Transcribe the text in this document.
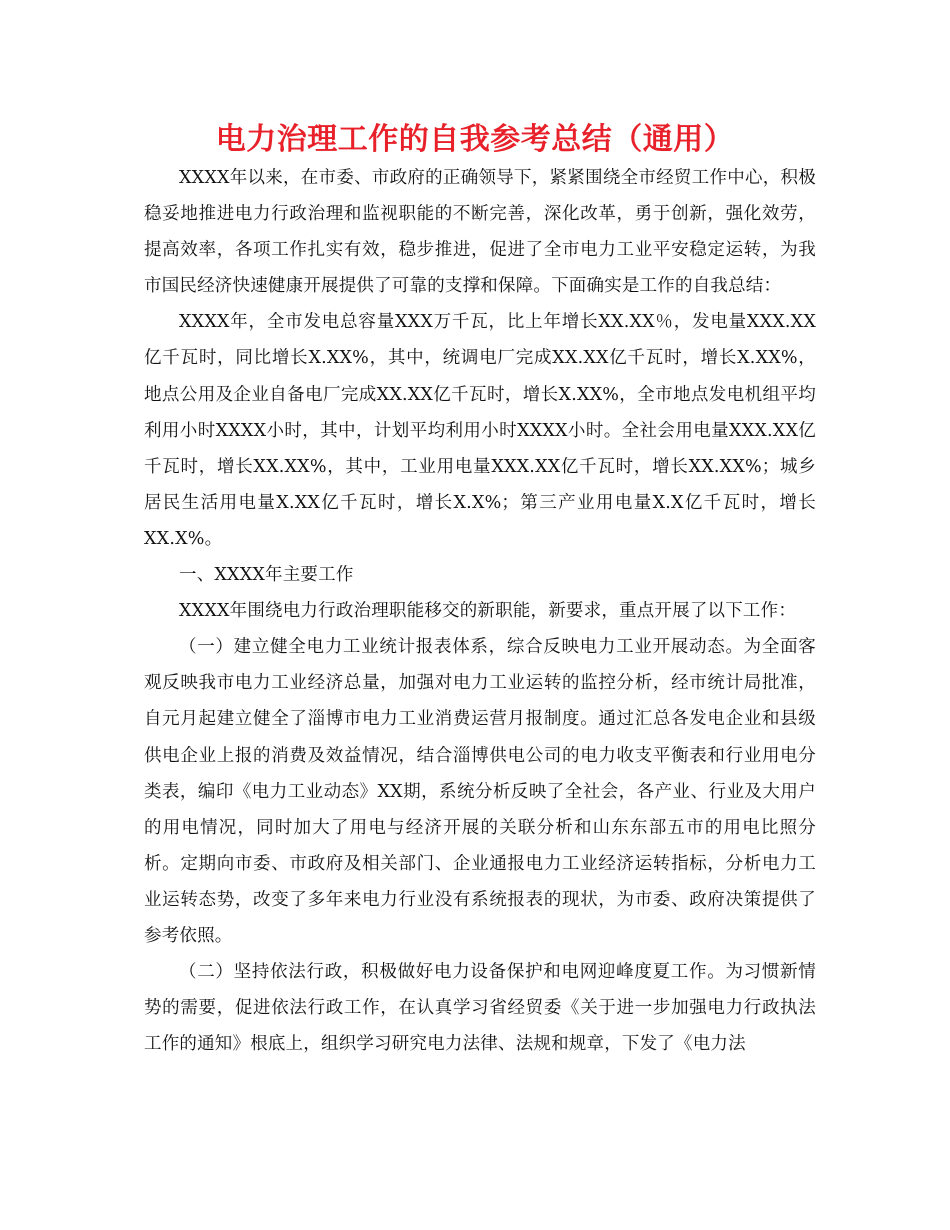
电力治理工作的自我参考总结（通用）

XXXX年以来，在市委、市政府的正确领导下，紧紧围绕全市经贸工作中心，积极稳妥地推进电力行政治理和监视职能的不断完善，深化改革，勇于创新，强化效劳，提高效率，各项工作扎实有效，稳步推进，促进了全市电力工业平安稳定运转，为我市国民经济快速健康开展提供了可靠的支撑和保障。下面确实是工作的自我总结：

XXXX年，全市发电总容量XXX万千瓦，比上年增长XX.XX％，发电量XXX.XX亿千瓦时，同比增长X.XX%，其中，统调电厂完成XX.XX亿千瓦时，增长X.XX%，地点公用及企业自备电厂完成XX.XX亿千瓦时，增长X.XX%，全市地点发电机组平均利用小时XXXX小时，其中，计划平均利用小时XXXX小时。全社会用电量XXX.XX亿千瓦时，增长XX.XX%，其中，工业用电量XXX.XX亿千瓦时，增长XX.XX%；城乡居民生活用电量X.XX亿千瓦时，增长X.X%；第三产业用电量X.X亿千瓦时，增长XX.X%。

一、XXXX年主要工作

XXXX年围绕电力行政治理职能移交的新职能，新要求，重点开展了以下工作：

（一）建立健全电力工业统计报表体系，综合反映电力工业开展动态。为全面客观反映我市电力工业经济总量，加强对电力工业运转的监控分析，经市统计局批准，自元月起建立健全了淄博市电力工业消费运营月报制度。通过汇总各发电企业和县级供电企业上报的消费及效益情况，结合淄博供电公司的电力收支平衡表和行业用电分类表，编印《电力工业动态》XX期，系统分析反映了全社会，各产业、行业及大用户的用电情况，同时加大了用电与经济开展的关联分析和山东东部五市的用电比照分析。定期向市委、市政府及相关部门、企业通报电力工业经济运转指标，分析电力工业运转态势，改变了多年来电力行业没有系统报表的现状，为市委、政府决策提供了参考依照。

（二）坚持依法行政，积极做好电力设备保护和电网迎峰度夏工作。为习惯新情势的需要，促进依法行政工作，在认真学习省经贸委《关于进一步加强电力行政执法工作的通知》根底上，组织学习研究电力法律、法规和规章，下发了《电力法
